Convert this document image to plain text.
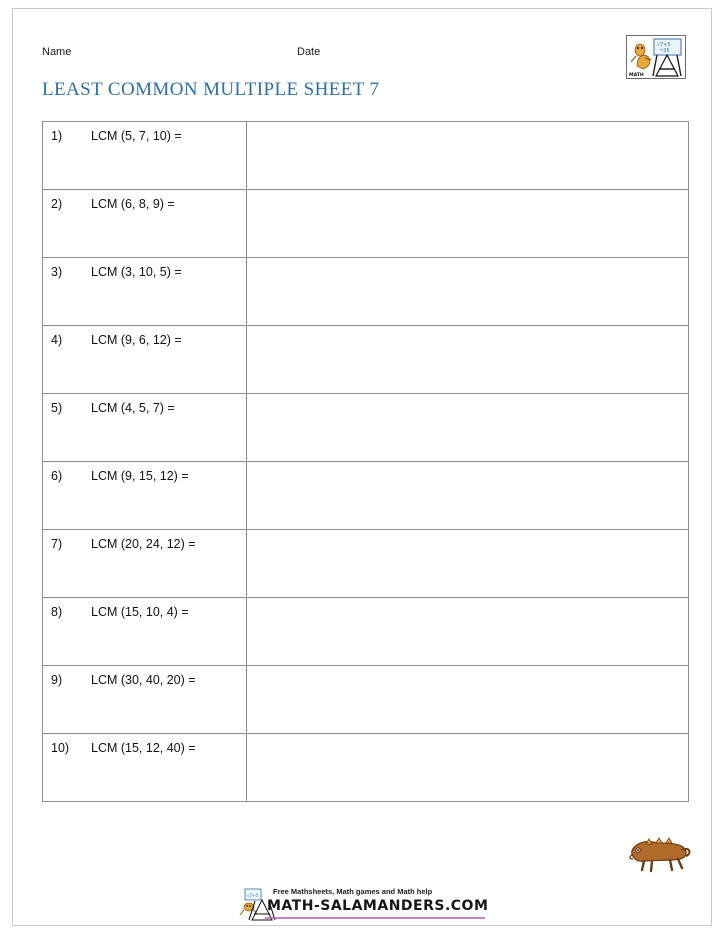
Name	Date
√7+5
¬35
MATH
LEAST COMMON MULTIPLE SHEET 7
1) LCM (5, 7, 10) =	

2) LCM (6, 8, 9) =	

3) LCM (3, 10, 5) =	

4) LCM (9, 6, 12) =	

5) LCM (4, 5, 7) =	

6) LCM (9, 15, 12) =	

7) LCM (20, 24, 12) =	

8) LCM (15, 10, 4) =	

9) LCM (30, 40, 20) =	

10) LCM (15, 12, 40) =	

√7+5 Free Mathsheets, Math games and Math help
MATH-SALAMANDERS.COM
